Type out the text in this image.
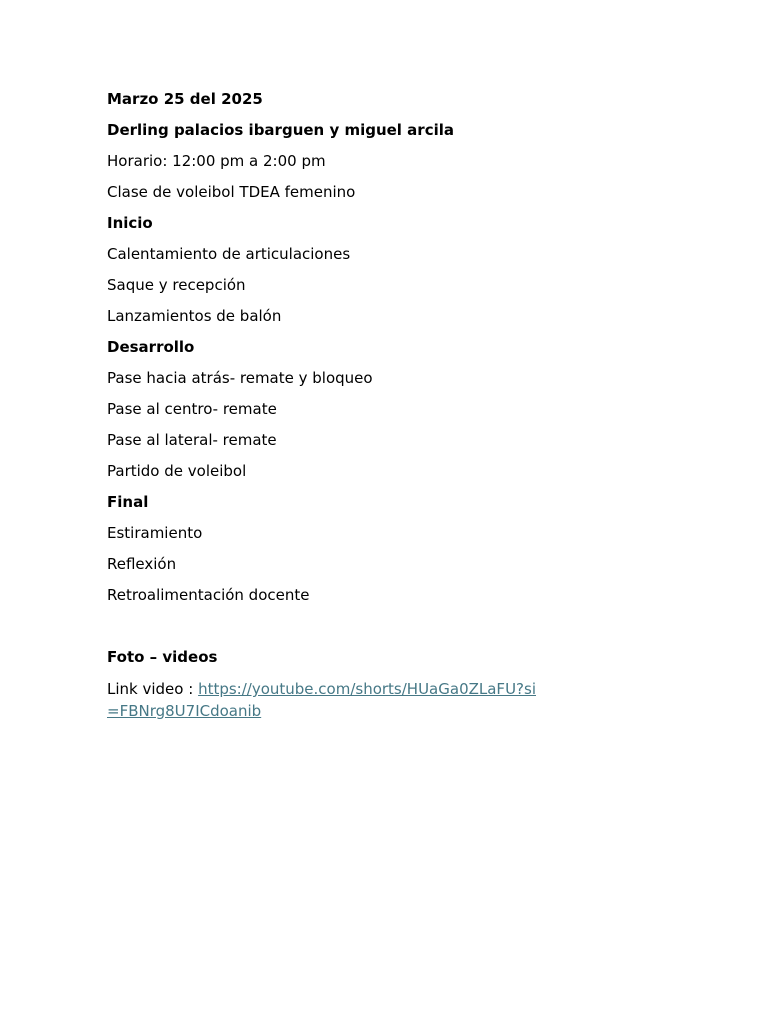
Marzo 25 del 2025

Derling palacios ibarguen y miguel arcila

Horario: 12:00 pm a 2:00 pm

Clase de voleibol TDEA femenino

Inicio

Calentamiento de articulaciones

Saque y recepción

Lanzamientos de balón

Desarrollo

Pase hacia atrás- remate y bloqueo

Pase al centro- remate

Pase al lateral- remate

Partido de voleibol

Final

Estiramiento

Reflexión

Retroalimentación docente

Foto – videos

Link video : https://youtube.com/shorts/HUaGa0ZLaFU?si=FBNrg8U7ICdoanib
